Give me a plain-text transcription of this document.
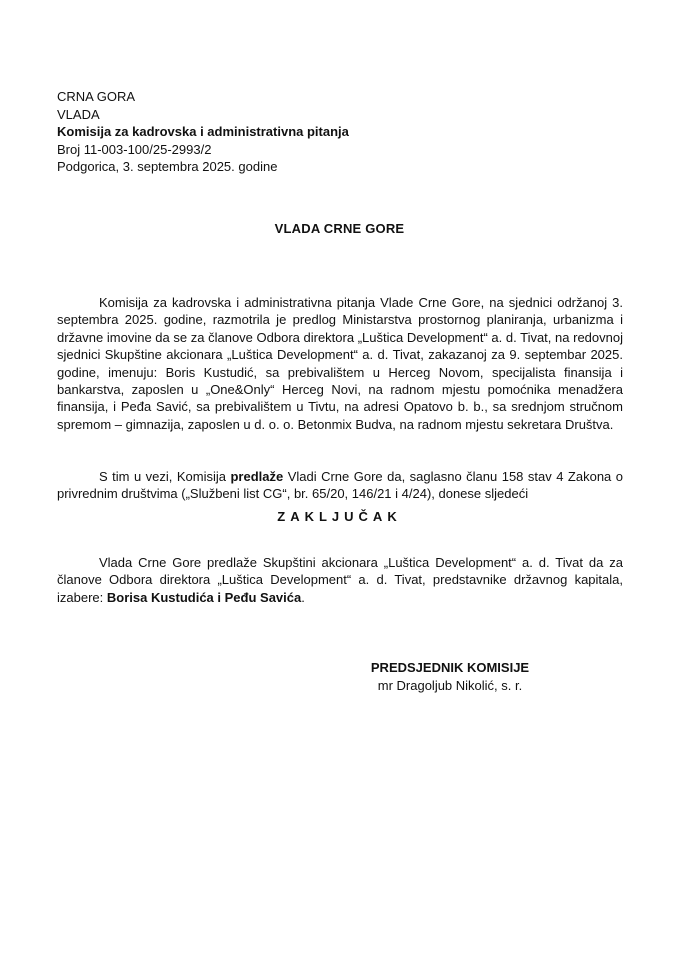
CRNA GORA
VLADA
Komisija za kadrovska i administrativna pitanja
Broj 11-003-100/25-2993/2
Podgorica, 3. septembra 2025. godine
VLADA CRNE GORE
Komisija za kadrovska i administrativna pitanja Vlade Crne Gore, na sjednici održanoj 3. septembra 2025. godine, razmotrila je predlog Ministarstva prostornog planiranja, urbanizma i državne imovine da se za članove Odbora direktora „Luštica Development“ a. d. Tivat, na redovnoj sjednici Skupštine akcionara „Luštica Development“ a. d. Tivat, zakazanoj za 9. septembar 2025. godine, imenuju: Boris Kustudić, sa prebivalištem u Herceg Novom, specijalista finansija i bankarstva, zaposlen u „One&Only“ Herceg Novi, na radnom mjestu pomoćnika menadžera finansija, i Peđa Savić, sa prebivalištem u Tivtu, na adresi Opatovo b. b., sa srednjom stručnom spremom – gimnazija, zaposlen u d. o. o. Betonmix Budva, na radnom mjestu sekretara Društva.
S tim u vezi, Komisija predlaže Vladi Crne Gore da, saglasno članu 158 stav 4 Zakona o privrednim društvima („Službeni list CG“, br. 65/20, 146/21 i 4/24), donese sljedeći
ZAKLJUČAK
Vlada Crne Gore predlaže Skupštini akcionara „Luštica Development“ a. d. Tivat da za članove Odbora direktora „Luštica Development“ a. d. Tivat, predstavnike državnog kapitala, izabere: Borisa Kustudića i Peđu Savića.
PREDSJEDNIK KOMISIJE
mr Dragoljub Nikolić, s. r.
